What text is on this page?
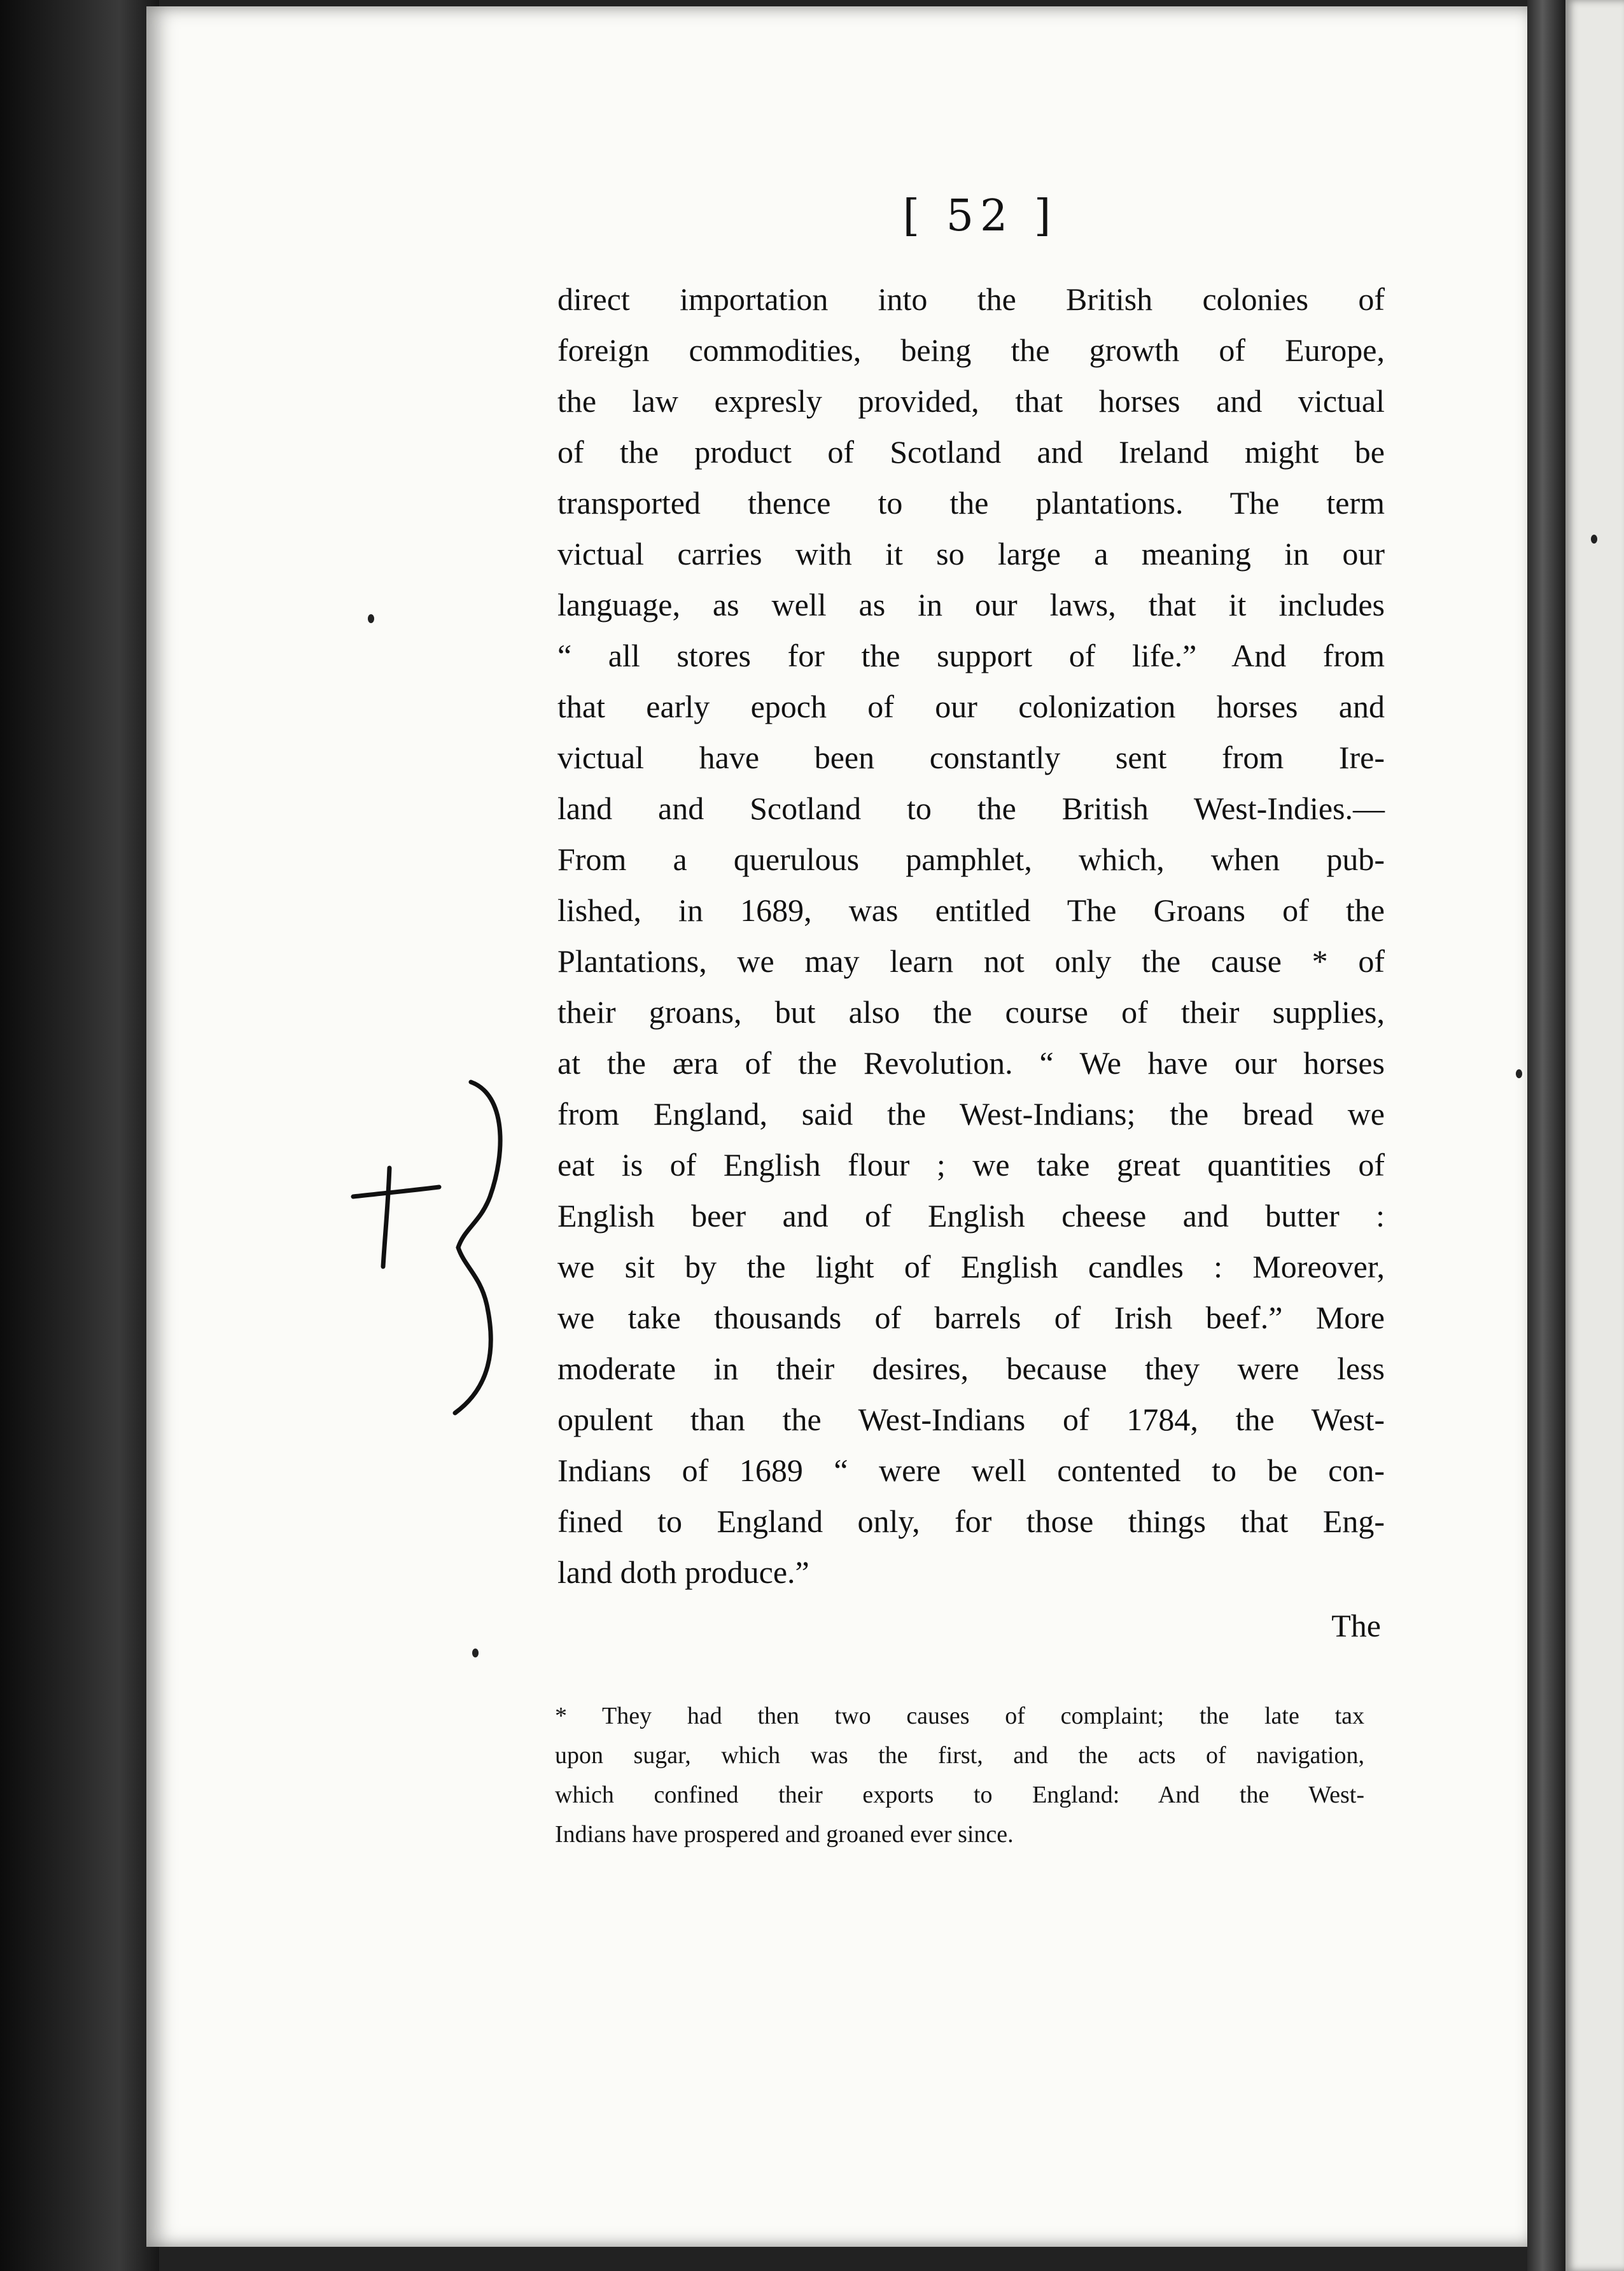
[ 52 ]
direct importation into the British colonies of
foreign commodities, being the growth of Europe,
the law expresly provided, that horses and victual
of the product of Scotland and Ireland might be
transported thence to the plantations. The term
victual carries with it so large a meaning in our
language, as well as in our laws, that it includes
“ all stores for the support of life.” And from
that early epoch of our colonization horses and
victual have been constantly sent from Ire-
land and Scotland to the British West-Indies.—
From a querulous pamphlet, which, when pub-
lished, in 1689, was entitled The Groans of the
Plantations, we may learn not only the cause * of
their groans, but also the course of their supplies,
at the æra of the Revolution. “ We have our horses
from England, said the West-Indians; the bread we
eat is of English flour ; we take great quantities of
English beer and of English cheese and butter :
we sit by the light of English candles : Moreover,
we take thousands of barrels of Irish beef.” More
moderate in their desires, because they were less
opulent than the West-Indians of 1784, the West-
Indians of 1689 “ were well contented to be con-
fined to England only, for those things that Eng-
land doth produce.”
The
* They had then two causes of complaint; the late tax
upon sugar, which was the first, and the acts of navigation,
which confined their exports to England: And the West-
Indians have prospered and groaned ever since.
